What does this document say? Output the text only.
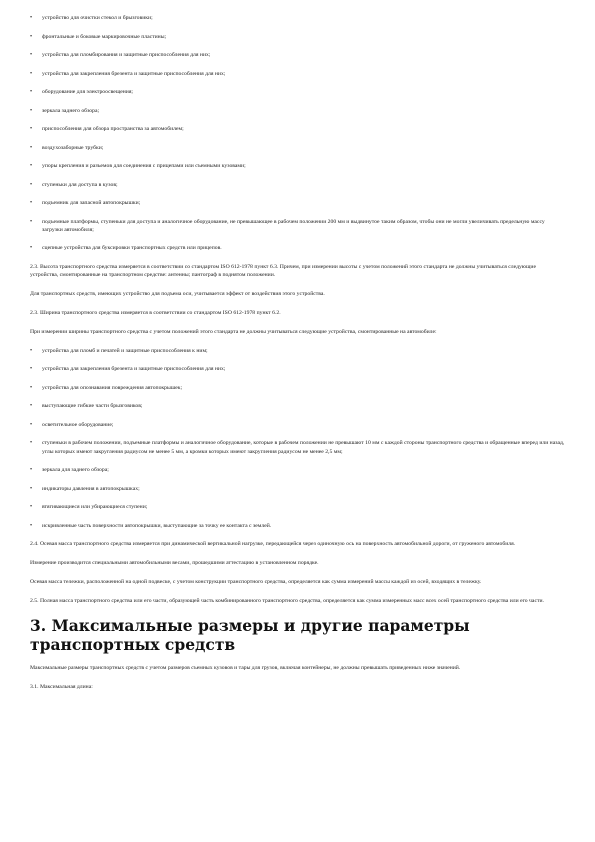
•	устройство для очистки стекол и брызговики;
•	фронтальные и боковые маркировочные пластины;
•	устройства для пломбирования и защитные приспособления для них;
•	устройства для закрепления брезента и защитные приспособления для них;
•	оборудование для электроосвещения;
•	зеркала заднего обзора;
•	приспособления для обзора пространства за автомобилем;
•	воздухозаборные трубки;
•	упоры крепления и разъемов для соединения с прицепами или съемными кузовами;
•	ступеньки для доступа в кузов;
•	подъемник для запасной автопокрышки;
•	подъемные платформы, ступеньки для доступа и аналогичное оборудование, не превышающее в рабочем положении 200 мм и выдвинутое таким образом, чтобы они не могли увеличивать предельную массу загрузки автомобиля;
•	сцепные устройства для буксировки транспортных средств или прицепов.

2.3. Высота транспортного средства измеряется в соответствии со стандартом ISO 612-1978 пункт 6.3. Причем, при измерении высоты с учетом положений этого стандарта не должны учитываться следующие устройства, смонтированные на транспортном средстве: антенны; пантограф в поднятом положении.

Для транспортных средств, имеющих устройство для подъема оси, учитывается эффект от воздействия этого устройства.

2.3. Ширина транспортного средства измеряется в соответствии со стандартом ISO 612-1978 пункт 6.2.

При измерении ширины транспортного средства с учетом положений этого стандарта не должны учитываться следующие устройства, смонтированные на автомобиле:

•	устройства для пломб и печатей и защитные приспособления к ним;
•	устройства для закрепления брезента и защитные приспособления для них;
•	устройства для опознавания повреждения автопокрышек;
•	выступающие гибкие части брызговиков;
•	осветительное оборудование;
•	ступеньки в рабочем положении, подъемные платформы и аналогичное оборудование, которые в рабочем положении не превышают 10 мм с каждой стороны транспортного средства и обращенные вперед или назад, углы которых имеют закругления радиусом не менее 5 мм, а кромки которых имеют закругления радиусом не менее 2,5 мм;
•	зеркала для заднего обзора;
•	индикаторы давления в автопокрышках;
•	втягивающиеся или убирающиеся ступени;
•	искривленные часть поверхности автопокрышки, выступающие за точку ее контакта с землей.

2.4. Осевая масса транспортного средства измеряется при динамической вертикальной нагрузке, передающейся через одиночную ось на поверхность автомобильной дороги, от груженого автомобиля.

Измерение производится специальными автомобильными весами, прошедшими аттестацию в установленном порядке.

Осевая масса тележки, расположенной на одной подвеске, с учетом конструкции транспортного средства, определяется как сумма измерений массы каждой из осей, входящих в тележку.

2.5. Полная масса транспортного средства или его части, образующей часть комбинированного транспортного средства, определяется как сумма измеренных масс всех осей транспортного средства или его части.

3. Максимальные размеры и другие параметры транспортных средств

Максимальные размеры транспортных средств с учетом размеров съемных кузовов и тары для грузов, включая контейнеры, не должны превышать приведенных ниже значений.

3.1. Максимальная длина:
